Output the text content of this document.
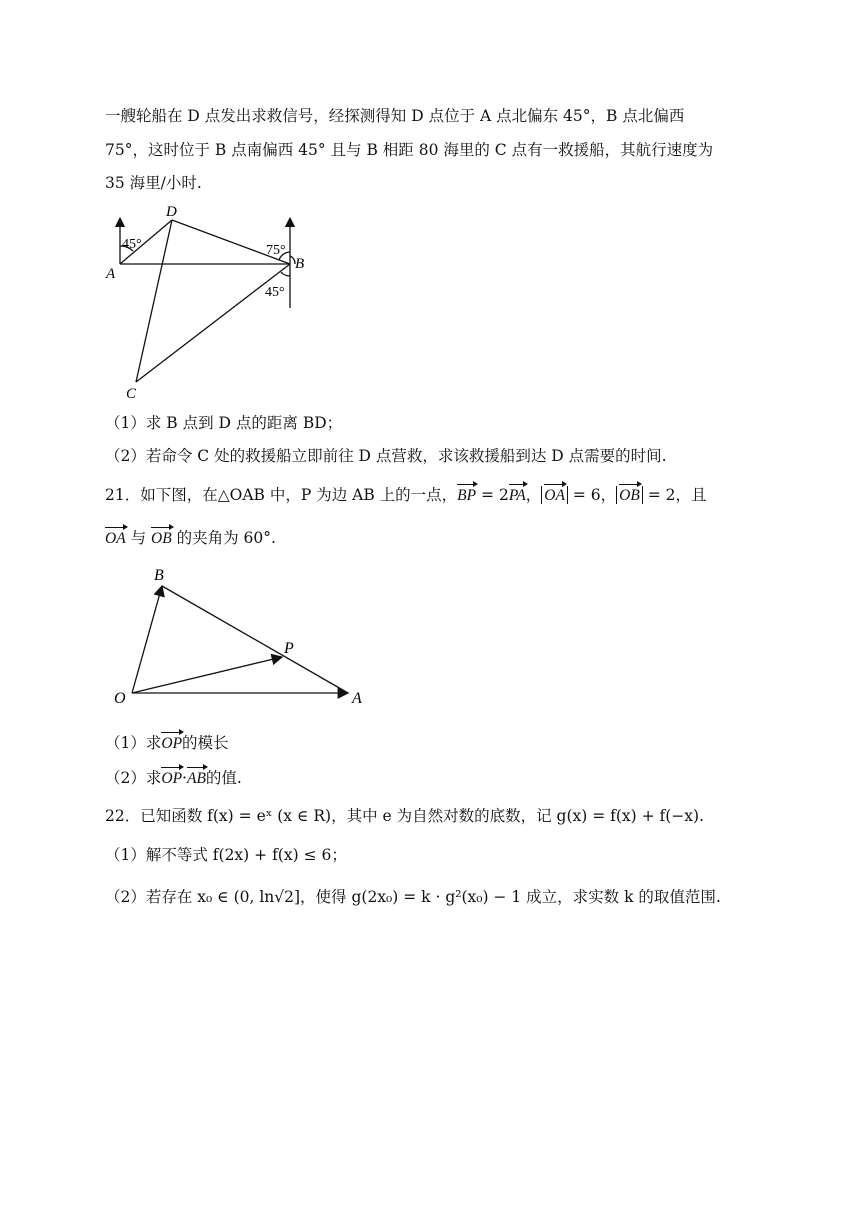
一艘轮船在 D 点发出求救信号，经探测得知 D 点位于 A 点北偏东 45°，B 点北偏西
75°，这时位于 B 点南偏西 45° 且与 B 相距 80 海里的 C 点有一救援船，其航行速度为
35 海里/小时.
45°	75°
45°
A
B
D
C
（1）求 B 点到 D 点的距离 BD；
（2）若命令 C 处的救援船立即前往 D 点营救，求该救援船到达 D 点需要的时间.
21．如下图，在△OAB 中，P 为边 AB 上的一点，BP = 2PA， OA = 6， OB = 2，且
OA 与 OB 的夹角为 60°.
B
O	A
P
（1）求OP的模长
（2）求OP·AB的值.
22．已知函数 f(x) = eˣ (x ∈ R)，其中 e 为自然对数的底数，记 g(x) = f(x) + f(−x).
（1）解不等式 f(2x) + f(x) ≤ 6；
（2）若存在 x₀ ∈ (0, ln√2]，使得 g(2x₀) = k · g²(x₀) − 1 成立，求实数 k 的取值范围.
